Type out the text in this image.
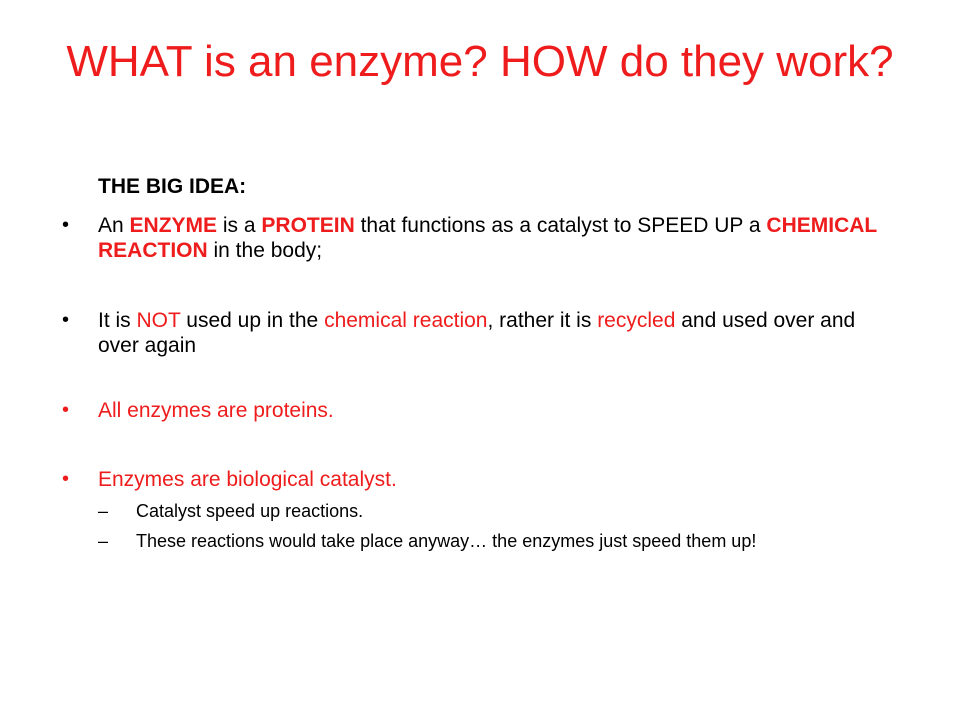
WHAT is an enzyme? HOW do they work?
THE BIG IDEA:
• An ENZYME is a PROTEIN that functions as a catalyst to SPEED UP a CHEMICAL REACTION in the body;
• It is NOT used up in the chemical reaction, rather it is recycled and used over and over again
• All enzymes are proteins.
• Enzymes are biological catalyst.
– Catalyst speed up reactions.
– These reactions would take place anyway… the enzymes just speed them up!
